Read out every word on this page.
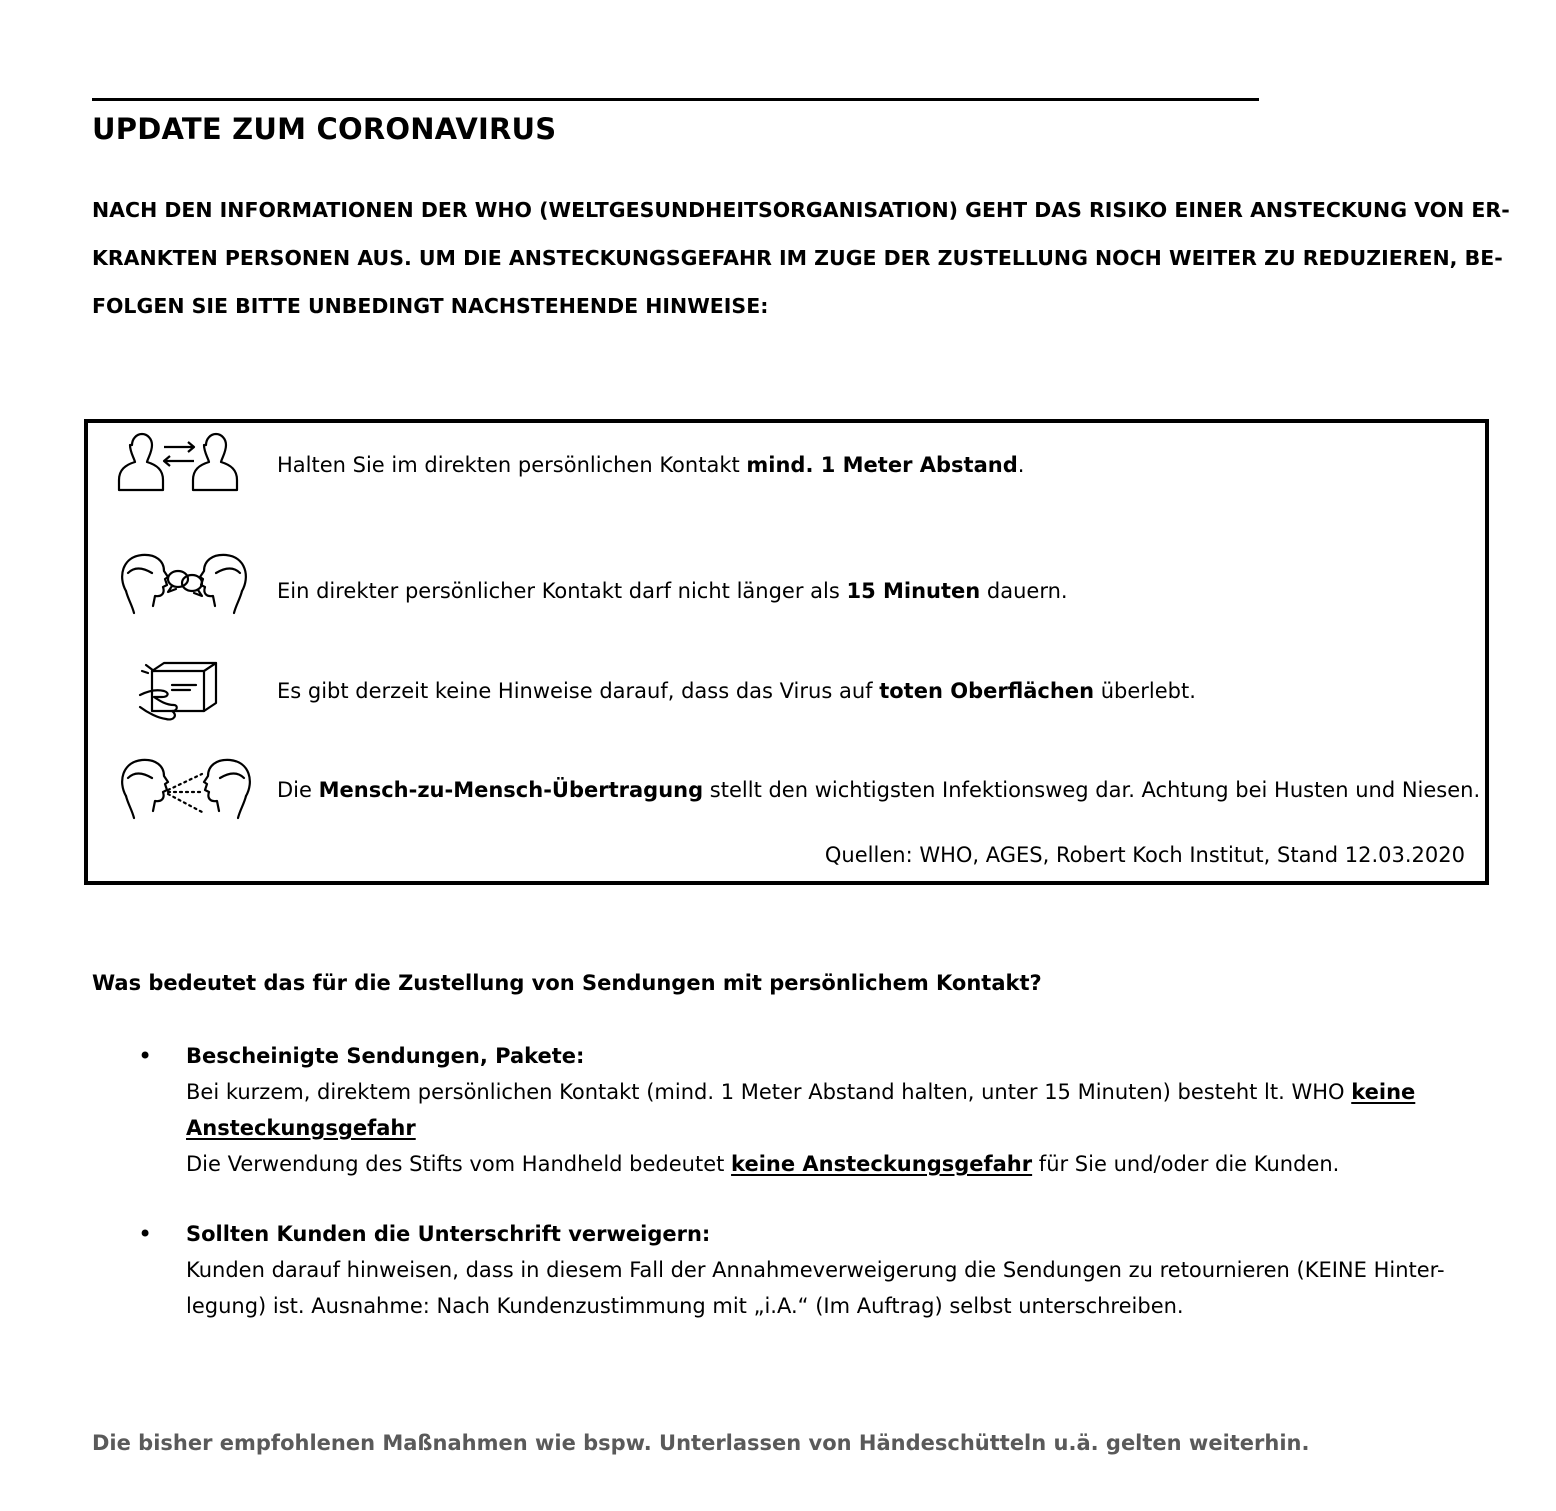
UPDATE ZUM CORONAVIRUS
NACH DEN INFORMATIONEN DER WHO (WELTGESUNDHEITSORGANISATION) GEHT DAS RISIKO EINER ANSTECKUNG VON ER-
KRANKTEN PERSONEN AUS. UM DIE ANSTECKUNGSGEFAHR IM ZUGE DER ZUSTELLUNG NOCH WEITER ZU REDUZIEREN, BE-
FOLGEN SIE BITTE UNBEDINGT NACHSTEHENDE HINWEISE:
Halten Sie im direkten persönlichen Kontakt mind. 1 Meter Abstand.
Ein direkter persönlicher Kontakt darf nicht länger als 15 Minuten dauern.
Es gibt derzeit keine Hinweise darauf, dass das Virus auf toten Oberflächen überlebt.
Die Mensch-zu-Mensch-Übertragung stellt den wichtigsten Infektionsweg dar. Achtung bei Husten und Niesen.
Quellen: WHO, AGES, Robert Koch Institut, Stand 12.03.2020
Was bedeutet das für die Zustellung von Sendungen mit persönlichem Kontakt?
• Bescheinigte Sendungen, Pakete:
Bei kurzem, direktem persönlichen Kontakt (mind. 1 Meter Abstand halten, unter 15 Minuten) besteht lt. WHO keine
Ansteckungsgefahr
Die Verwendung des Stifts vom Handheld bedeutet keine Ansteckungsgefahr für Sie und/oder die Kunden.
• Sollten Kunden die Unterschrift verweigern:
Kunden darauf hinweisen, dass in diesem Fall der Annahmeverweigerung die Sendungen zu retournieren (KEINE Hinter-
legung) ist. Ausnahme: Nach Kundenzustimmung mit „i.A.“ (Im Auftrag) selbst unterschreiben.

Die bisher empfohlenen Maßnahmen wie bspw. Unterlassen von Händeschütteln u.ä. gelten weiterhin.
